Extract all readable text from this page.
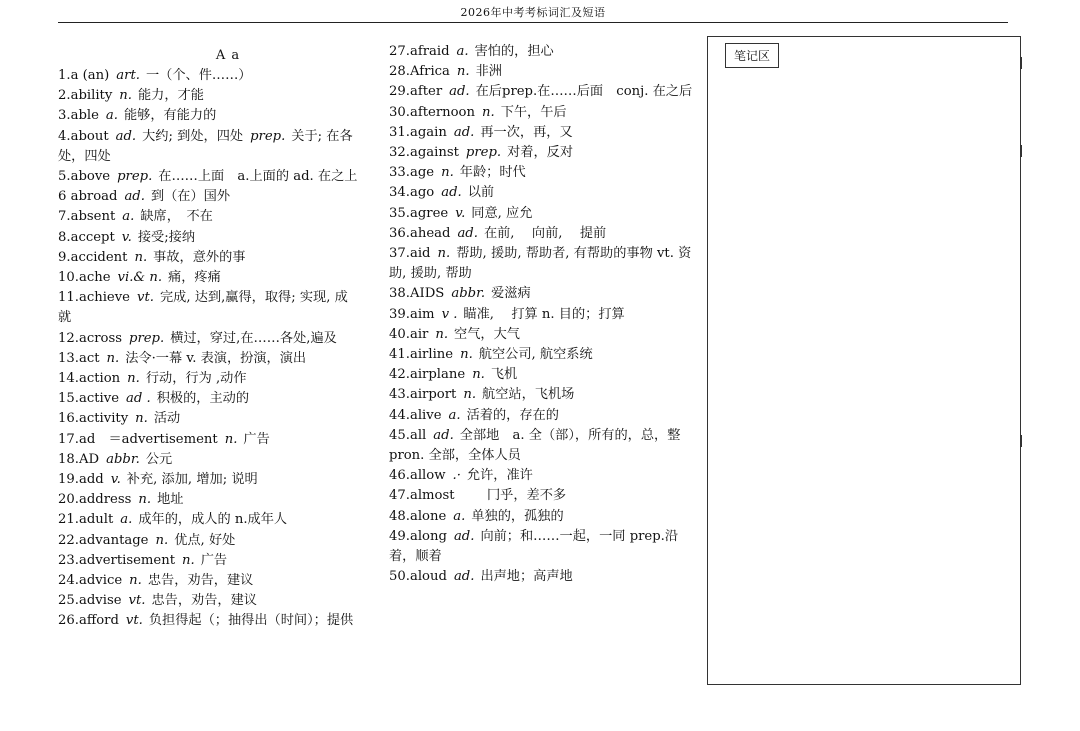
2026年中考考标词汇及短语
A a

1.a (an) art. 一（个、件……）

2.ability n. 能力，才能

3.able a. 能够，有能力的

4.about ad. 大约; 到处，四处 prep. 关于; 在各处，四处

5.above prep. 在……上面　a.上面的 ad. 在之上

6 abroad ad. 到（在）国外

7.absent a. 缺席，　不在

8.accept v. 接受;接纳

9.accident n. 事故，意外的事

10.ache vi.& n. 痛，疼痛

11.achieve vt. 完成, 达到,赢得，取得; 实现, 成就

12.across prep. 横过，穿过,在……各处,遍及

13.act n. 法令·一幕 v. 表演，扮演，演出

14.action n. 行动，行为 ,动作

15.active ad . 积极的，主动的

16.activity n. 活动

17.ad　＝advertisement n. 广告

18.AD abbr. 公元

19.add v. 补充, 添加, 增加; 说明

20.address n. 地址

21.adult a. 成年的，成人的 n.成年人

22.advantage n. 优点, 好处

23.advertisement n. 广告

24.advice n. 忠告，劝告，建议

25.advise vt. 忠告，劝告，建议

26.afford vt. 负担得起（；抽得出（时间）；提供

27.afraid a. 害怕的，担心

28.Africa n. 非洲

29.after ad. 在后prep.在……后面　conj. 在之后

30.afternoon n. 下午，午后

31.again ad. 再一次，再，又

32.against prep. 对着，反对

33.age n. 年龄；时代

34.ago ad. 以前

35.agree v. 同意, 应允

36.ahead ad. 在前,　 向前,　 提前

37.aid n. 帮助, 援助, 帮助者, 有帮助的事物 vt. 资助, 援助, 帮助

38.AIDS abbr. 爱滋病

39.aim v . 瞄准,　 打算 n. 目的；打算

40.air n. 空气，大气

41.airline n. 航空公司, 航空系统

42.airplane n. 飞机

43.airport n. 航空站，飞机场

44.alive a. 活着的，存在的

45.all ad. 全部地　a. 全（部），所有的，总，整 pron. 全部，全体人员

46.allow .· 允许，准许

47.almost　　冂乎，差不多

48.alone a. 单独的，孤独的

49.along ad. 向前；和……一起，一同 prep.沿着，顺着

50.aloud ad. 出声地；高声地

笔记区
